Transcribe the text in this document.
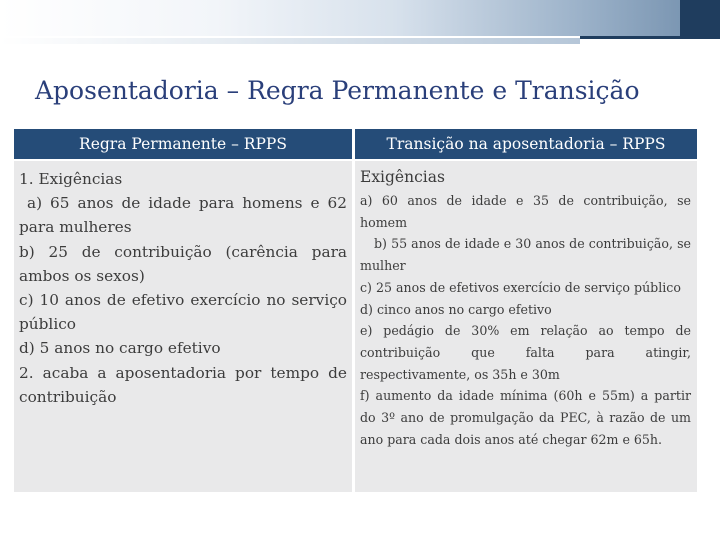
Aposentadoria – Regra Permanente e Transição
Regra Permanente – RPPS	Transição na aposentadoria – RPPS

1. Exigências

a) 65 anos de idade para homens e 62 para mulheres

b) 25 de contribuição (carência para ambos os sexos)

c) 10 anos de efetivo exercício no serviço público

d) 5 anos no cargo efetivo

2. acaba a aposentadoria por tempo de contribuição

Exigências

a) 60 anos de idade e 35 de contribuição, se homem

b) 55 anos de idade e 30 anos de contribuição, se mulher

c) 25 anos de efetivos exercício de serviço público

d) cinco anos no cargo efetivo

e) pedágio de 30% em relação ao tempo de contribuição que falta para atingir, respectivamente, os 35h e 30m

f) aumento da idade mínima (60h e 55m) a partir do 3º ano de promulgação da PEC, à razão de um ano para cada dois anos até chegar 62m e 65h.
